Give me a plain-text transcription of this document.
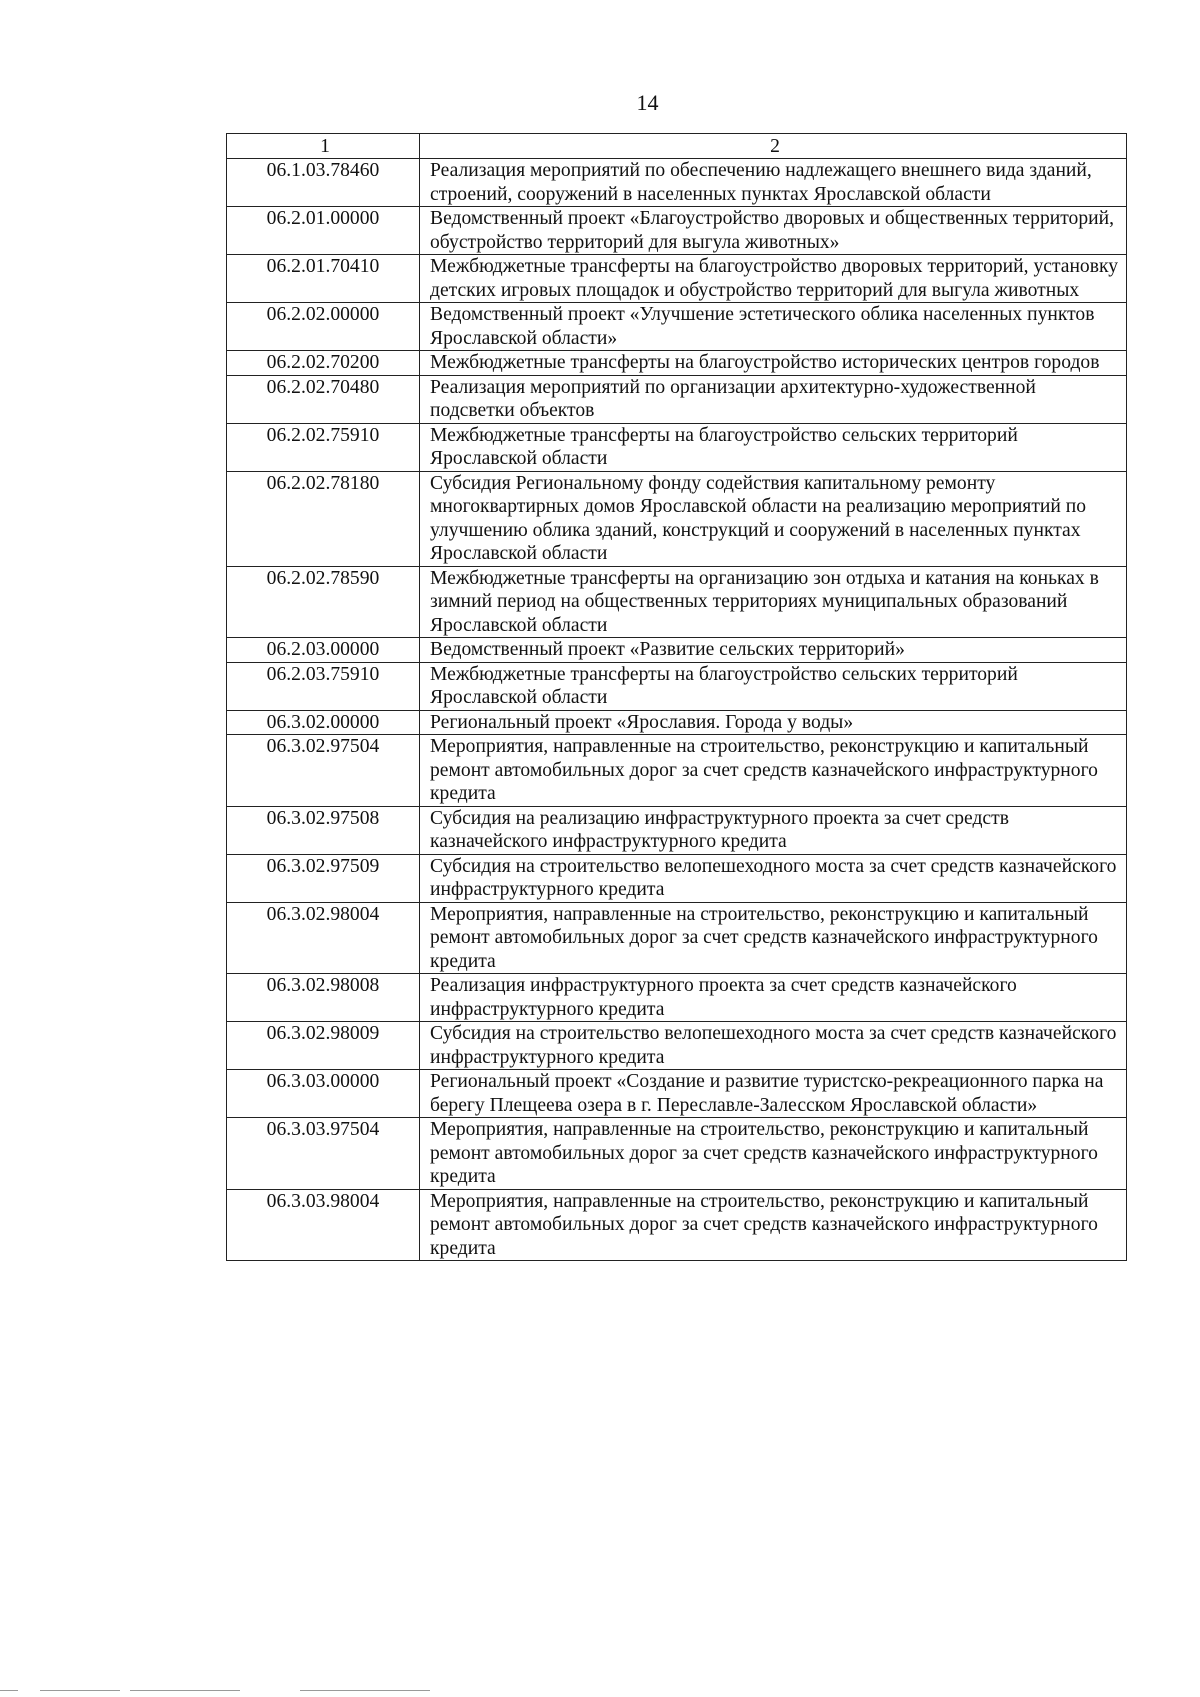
14
1	2
06.1.03.78460	Реализация мероприятий по обеспечению надлежащего внешнего вида зданий, строений, сооружений в населенных пунктах Ярославской области
06.2.01.00000	Ведомственный проект «Благоустройство дворовых и общественных территорий, обустройство территорий для выгула животных»
06.2.01.70410	Межбюджетные трансферты на благоустройство дворовых территорий, установку детских игровых площадок и обустройство территорий для выгула животных
06.2.02.00000	Ведомственный проект «Улучшение эстетического облика населенных пунктов Ярославской области»
06.2.02.70200	Межбюджетные трансферты на благоустройство исторических центров городов
06.2.02.70480	Реализация мероприятий по организации архитектурно-художественной подсветки объектов
06.2.02.75910	Межбюджетные трансферты на благоустройство сельских территорий Ярославской области
06.2.02.78180	Субсидия Региональному фонду содействия капитальному ремонту многоквартирных домов Ярославской области на реализацию мероприятий по улучшению облика зданий, конструкций и сооружений в населенных пунктах Ярославской области
06.2.02.78590	Межбюджетные трансферты на организацию зон отдыха и катания на коньках в зимний период на общественных территориях муниципальных образований Ярославской области
06.2.03.00000	Ведомственный проект «Развитие сельских территорий»
06.2.03.75910	Межбюджетные трансферты на благоустройство сельских территорий Ярославской области
06.3.02.00000	Региональный проект «Ярославия. Города у воды»
06.3.02.97504	Мероприятия, направленные на строительство, реконструкцию и капитальный ремонт автомобильных дорог за счет средств казначейского инфраструктурного кредита
06.3.02.97508	Субсидия на реализацию инфраструктурного проекта за счет средств казначейского инфраструктурного кредита
06.3.02.97509	Субсидия на строительство велопешеходного моста за счет средств казначейского инфраструктурного кредита
06.3.02.98004	Мероприятия, направленные на строительство, реконструкцию и капитальный ремонт автомобильных дорог за счет средств казначейского инфраструктурного кредита
06.3.02.98008	Реализация инфраструктурного проекта за счет средств казначейского инфраструктурного кредита
06.3.02.98009	Субсидия на строительство велопешеходного моста за счет средств казначейского инфраструктурного кредита
06.3.03.00000	Региональный проект «Создание и развитие туристско-рекреационного парка на берегу Плещеева озера в г. Переславле-Залесском Ярославской области»
06.3.03.97504	Мероприятия, направленные на строительство, реконструкцию и капитальный ремонт автомобильных дорог за счет средств казначейского инфраструктурного кредита
06.3.03.98004	Мероприятия, направленные на строительство, реконструкцию и капитальный ремонт автомобильных дорог за счет средств казначейского инфраструктурного кредита
